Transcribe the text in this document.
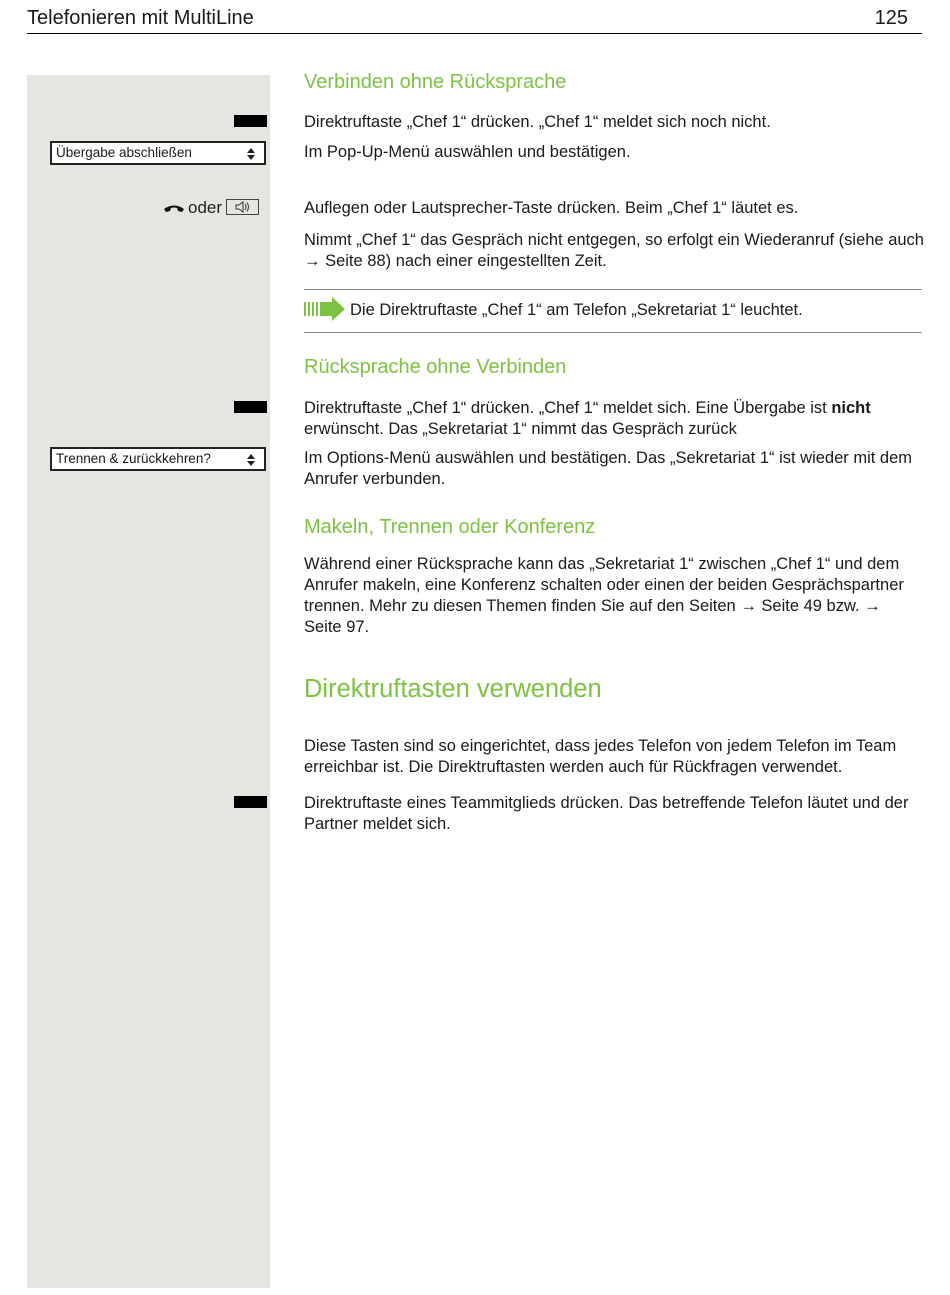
Telefonieren mit MultiLine	125
Übergabe abschließen
oder
Trennen & zurückkehren?
Verbinden ohne Rücksprache
Direktruftaste „Chef 1“ drücken. „Chef 1“ meldet sich noch nicht.
Im Pop-Up-Menü auswählen und bestätigen.
Auflegen oder Lautsprecher-Taste drücken. Beim „Chef 1“ läutet es.
Nimmt „Chef 1“ das Gespräch nicht entgegen, so erfolgt ein Wiederanruf (siehe auch → Seite 88) nach einer eingestellten Zeit.
Die Direktruftaste „Chef 1“ am Telefon „Sekretariat 1“ leuchtet.
Rücksprache ohne Verbinden
Direktruftaste „Chef 1“ drücken. „Chef 1“ meldet sich. Eine Übergabe ist nicht erwünscht. Das „Sekretariat 1“ nimmt das Gespräch zurück
Im Options-Menü auswählen und bestätigen. Das „Sekretariat 1“ ist wieder mit dem Anrufer verbunden.
Makeln, Trennen oder Konferenz
Während einer Rücksprache kann das „Sekretariat 1“ zwischen „Chef 1“ und dem Anrufer makeln, eine Konferenz schalten oder einen der beiden Gesprächspartner trennen. Mehr zu diesen Themen finden Sie auf den Seiten → Seite 49 bzw. → Seite 97.
Direktruftasten verwenden
Diese Tasten sind so eingerichtet, dass jedes Telefon von jedem Telefon im Team erreichbar ist. Die Direktruftasten werden auch für Rückfragen verwendet.
Direktruftaste eines Teammitglieds drücken. Das betreffende Telefon läutet und der Partner meldet sich.
